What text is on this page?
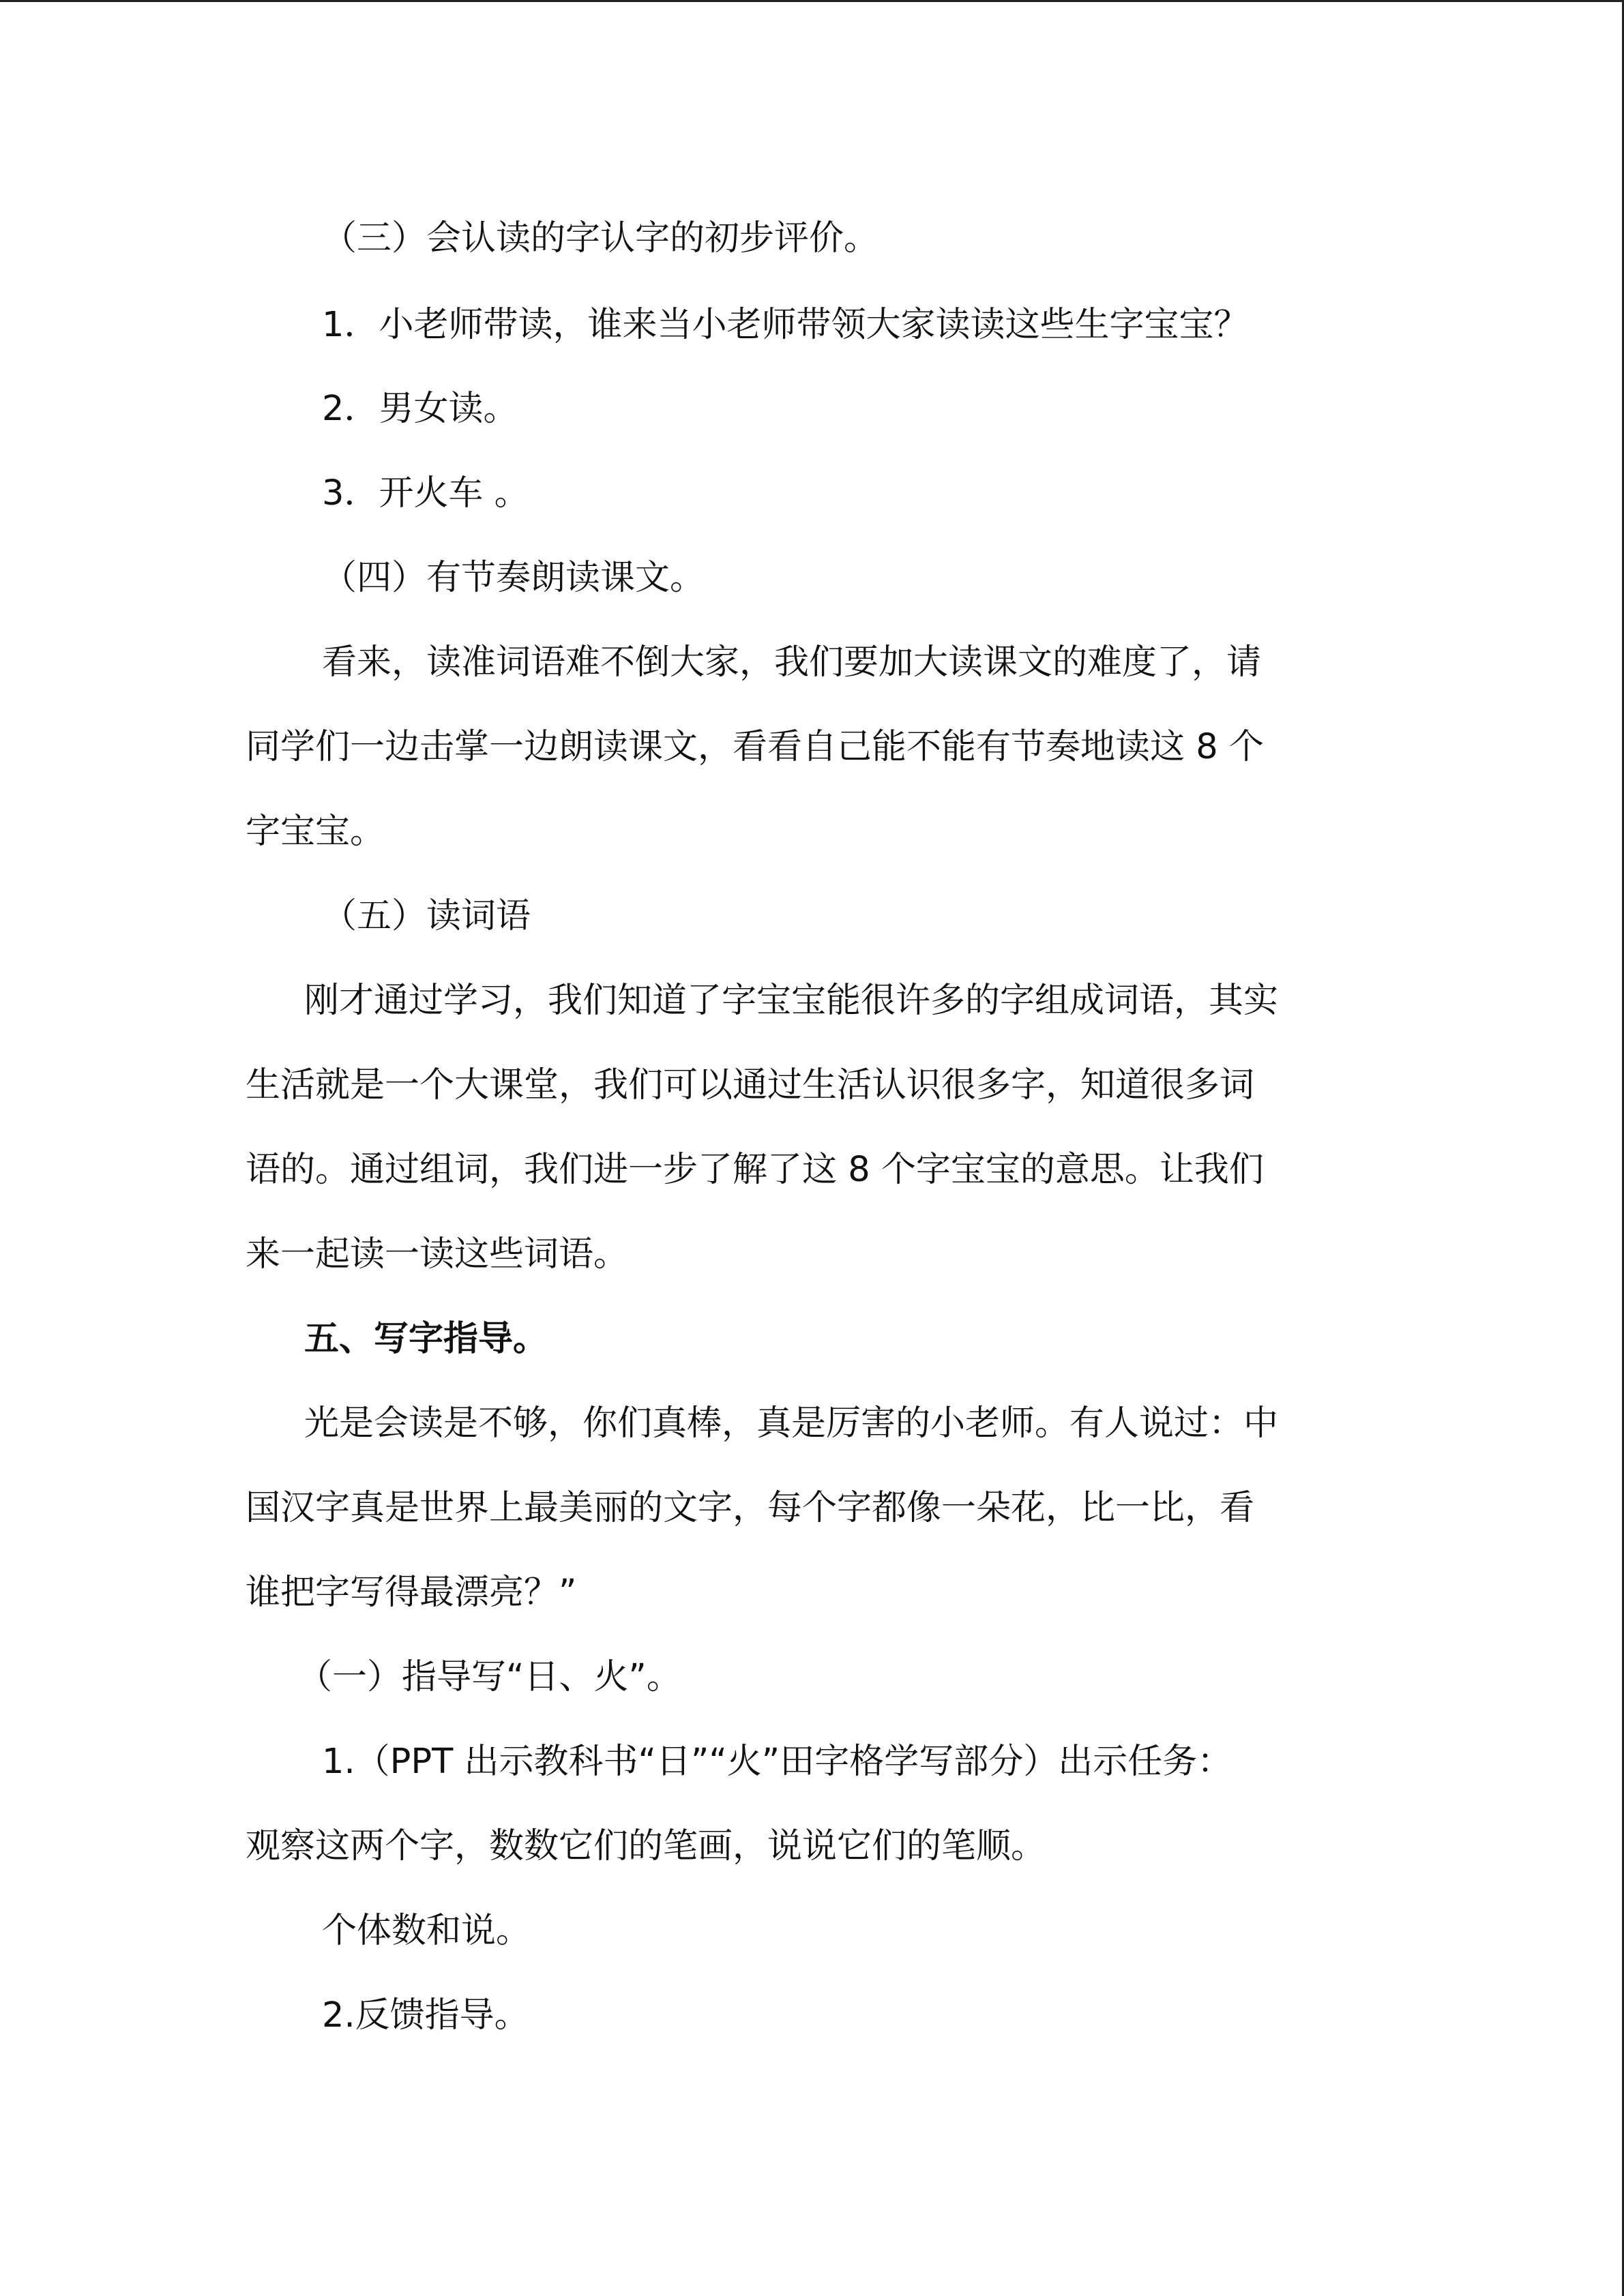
（三）会认读的字认字的初步评价。
1．小老师带读，谁来当小老师带领大家读读这些生字宝宝？
2．男女读。
3．开火车 。
（四）有节奏朗读课文。
看来，读准词语难不倒大家，我们要加大读课文的难度了，请
同学们一边击掌一边朗读课文，看看自己能不能有节奏地读这 8 个
字宝宝。
（五）读词语
刚才通过学习，我们知道了字宝宝能很许多的字组成词语，其实
生活就是一个大课堂，我们可以通过生活认识很多字，知道很多词
语的。通过组词，我们进一步了解了这 8 个字宝宝的意思。让我们
来一起读一读这些词语。
五、写字指导。
光是会读是不够，你们真棒，真是厉害的小老师。有人说过：中
国汉字真是世界上最美丽的文字，每个字都像一朵花，比一比，看
谁把字写得最漂亮？”
（一）指导写“日、火”。
1.（PPT 出示教科书“日”“火”田字格学写部分）出示任务：
观察这两个字，数数它们的笔画，说说它们的笔顺。
个体数和说。
2.反馈指导。
